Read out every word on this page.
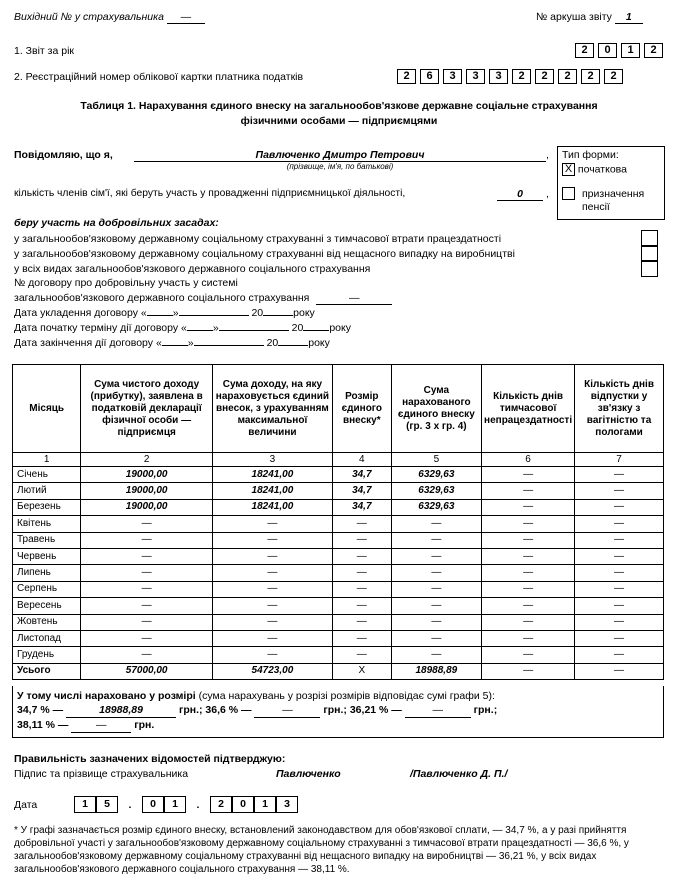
Вихідний № у страхувальника —	№ аркуша звіту 1
1. Звіт за рік	2	0	1	2
2. Реєстраційний номер облікової картки платника податків	2	6	3	3	3	2	2	2	2	2
Таблиця 1. Нарахування єдиного внеску на загальнообов'язкове державне соціальне страхування
фізичними особами — підприємцями
Повідомляю, що я,	Павлюченко Дмитро Петрович	,
(прізвище, ім'я, по батькові)
кількість членів сім'ї, які беруть участь у провадженні підприємницької діяльності,	0	,
Тип форми:
X початкова
призначення пенсії
беру участь на добровільних засадах:
у загальнообов'язковому державному соціальному страхуванні з тимчасової втрати працездатності
у загальнообов'язковому державному соціальному страхуванні від нещасного випадку на виробництві
у всіх видах загальнообов'язкового державного соціального страхування
№ договору про добровільну участь у системі
загальнообов'язкового державного соціального страхування	—
Дата укладення договору « »	20	року
Дата початку терміну дії договору « »	20 року
Дата закінчення дії договору « »	20	року
Місяць	Сума чистого доходу (прибутку), заявлена в податковій декларації фізичної особи — підприємця	Сума доходу, на яку нараховується єдиний внесок, з урахуванням максимальної величини	Розмір єдиного внеску*	Сума нарахованого єдиного внеску (гр. 3 х гр. 4)	Кількість днів тимчасової непрацездатності	Кількість днів відпустки у зв'язку з вагітністю та пологами
1	2	3	4	5	6	7
Січень	19000,00	18241,00	34,7	6329,63	—	—
Лютий	19000,00	18241,00	34,7	6329,63	—	—
Березень	19000,00	18241,00	34,7	6329,63	—	—
Квітень	—	—	—	—	—	—
Травень	—	—	—	—	—	—
Червень	—	—	—	—	—	—
Липень	—	—	—	—	—	—
Серпень	—	—	—	—	—	—
Вересень	—	—	—	—	—	—
Жовтень	—	—	—	—	—	—
Листопад	—	—	—	—	—	—
Грудень	—	—	—	—	—	—
Усього	57000,00	54723,00	X	18988,89	—	—
У тому числі нараховано у розмірі (сума нарахувань у розрізі розмірів відповідає сумі графи 5):
34,7 % —	18988,89	грн.; 36,6 % —	—	грн.; 36,21 % —	—	грн.;
38,11 % —	—	грн.
Правильність зазначених відомостей підтверджую:
Підпис та прізвище страхувальника	Павлюченко	/Павлюченко Д. П./
Дата	1	5	.	0	1	.	2	0	1	3
* У графі зазначається розмір єдиного внеску, встановлений законодавством для обов'язкової сплати, — 34,7 %, а у разі прийняття добровільної участі у загальнообов'язковому державному соціальному страхуванні з тимчасової втрати працездатності — 36,6 %, у загальнообов'язковому державному соціальному страхуванні від нещасного випадку на виробництві — 36,21 %, у всіх видах загальнообов'язкового державного соціального страхування — 38,11 %.
